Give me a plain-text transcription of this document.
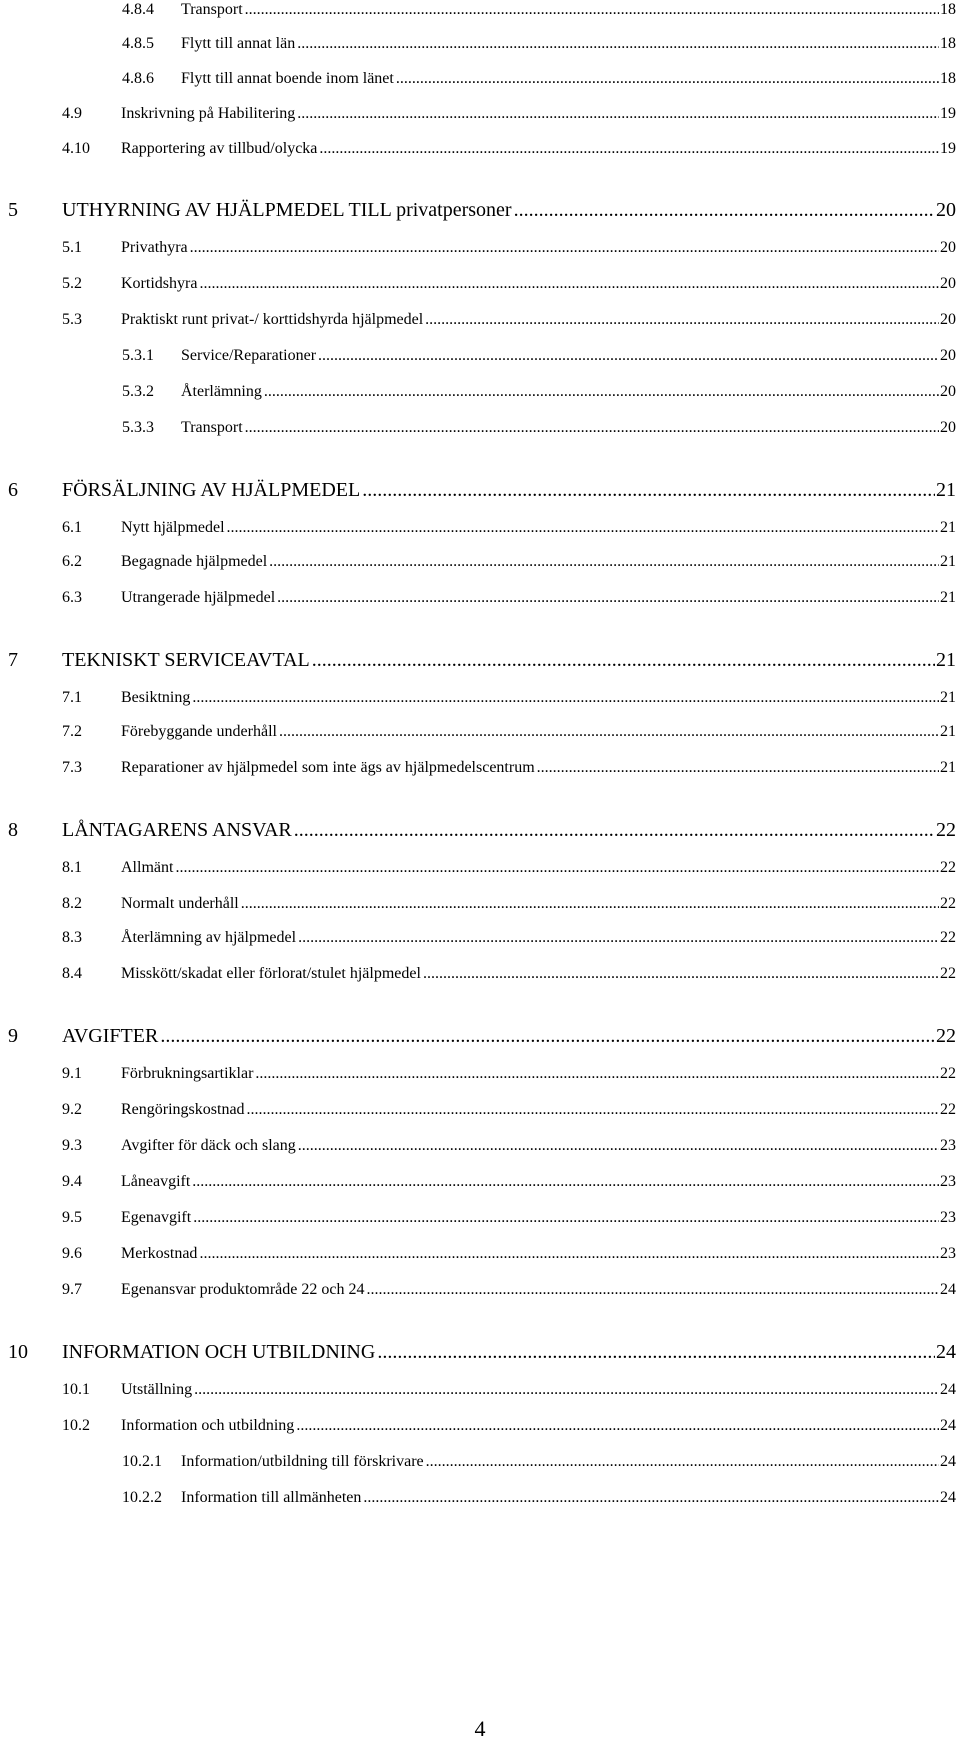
4.8.4	Transport .....	18
4.8.5	Flytt till annat län .....	18
4.8.6	Flytt till annat boende inom länet .....	18
4.9	Inskrivning på Habilitering .....	19
4.10	Rapportering av tillbud/olycka .....	19
5	UTHYRNING AV HJÄLPMEDEL TILL privatpersoner .....	20
5.1	Privathyra .....	20
5.2	Kortidshyra .....	20
5.3	Praktiskt runt privat-/ korttidshyrda hjälpmedel .....	20
5.3.1	Service/Reparationer .....	20
5.3.2	Återlämning .....	20
5.3.3	Transport .....	20
6	FÖRSÄLJNING AV HJÄLPMEDEL .....	21
6.1	Nytt hjälpmedel .....	21
6.2	Begagnade hjälpmedel .....	21
6.3	Utrangerade hjälpmedel .....	21
7	TEKNISKT SERVICEAVTAL .....	21
7.1	Besiktning .....	21
7.2	Förebyggande underhåll .....	21
7.3	Reparationer av hjälpmedel som inte ägs av hjälpmedelscentrum .....	21
8	LÅNTAGARENS ANSVAR .....	22
8.1	Allmänt .....	22
8.2	Normalt underhåll .....	22
8.3	Återlämning av hjälpmedel .....	22
8.4	Misskött/skadat eller förlorat/stulet hjälpmedel .....	22
9	AVGIFTER .....	22
9.1	Förbrukningsartiklar .....	22
9.2	Rengöringskostnad .....	22
9.3	Avgifter för däck och slang .....	23
9.4	Låneavgift .....	23
9.5	Egenavgift .....	23
9.6	Merkostnad .....	23
9.7	Egenansvar produktområde 22 och 24 .....	24
10	INFORMATION OCH UTBILDNING .....	24
10.1	Utställning .....	24
10.2	Information och utbildning .....	24
10.2.1	Information/utbildning till förskrivare .....	24
10.2.2	Information till allmänheten .....	24
4
